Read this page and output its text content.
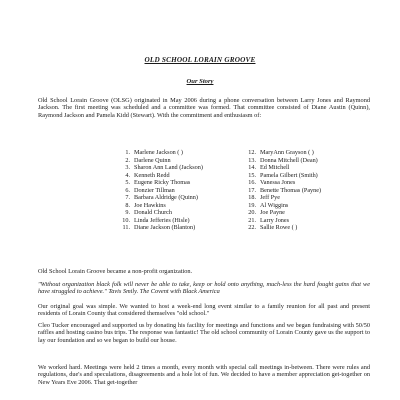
OLD SCHOOL LORAIN GROOVE
Our Story
Old School Lorain Groove (OLSG) originated in May 2006 during a phone conversation between Larry Jones and Raymond Jackson. The first meeting was scheduled and a committee was formed. That committee consisted of Diane Austin (Quinn), Raymond Jackson and Pamela Kidd (Stewart). With the commitment and enthusiasm of:
1. Marlene Jackson ( )
2. Darlene Quinn
3. Sharon Ann Land (Jackson)
4. Kenneth Redd
5. Eugene Ricky Thomas
6. Donzier Tillman
7. Barbara Aldridge (Quinn)
8. Joe Hawkins
9. Donald Church
10. Linda Jefferies (Hisle)
11. Diane Jackson (Blanton)
12. MaryAnn Grayson ( )
13. Donna Mitchell (Dean)
14. Ed Mitchell
15. Pamela Gilbert (Smith)
16. Vanessa Jones
17. Benette Thomas (Payne)
18. Jeff Pye
19. Al Wiggins
20. Joe Payne
21. Larry Jones
22. Sallie Rowe ( )
Old School Lorain Groove became a non-profit organization.
"Without organization black folk will never be able to take, keep or hold onto anything, much-less the hard fought gains that we have struggled to achieve." Tavis Smily. The Covent with Black America
Our original goal was simple. We wanted to host a week-end long event similar to a family reunion for all past and present residents of Lorain County that considered themselves "old school."
Cleo Tucker encouraged and supported us by donating his facility for meetings and functions and we began fundraising with 50/50 raffles and hosting casino bus trips. The response was fantastic! The old school community of Lorain County gave us the support to lay our foundation and so we began to build our house.
We worked hard. Meetings were held 2 times a month, every month with special call meetings in-between. There were rules and regulations, due's and speculations, disagreements and a hole lot of fun. We decided to have a member appreciation get-together on New Years Eve 2006. That get-together
